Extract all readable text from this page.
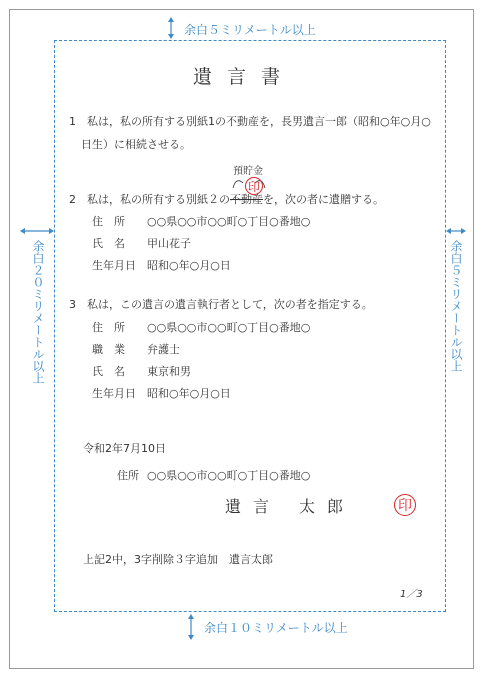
余白５ミリメートル以上
余白１０ミリメートル以上
余白２０ミリメートル以上	余白５ミリメートル以上
遺言書
1　私は，私の所有する別紙1の不動産を，長男遺言一郎（昭和○年○月○
日生）に相続させる。
預貯金
印
2　私は，私の所有する別紙２の不動産を，次の者に遺贈する。
住　所 ○○県○○市○○町○丁目○番地○
氏　名 甲山花子
生年月日 昭和○年○月○日
3　私は，この遺言の遺言執行者として，次の者を指定する。
住　所 ○○県○○市○○町○丁目○番地○
職　業 弁護士
氏　名 東京和男
生年月日 昭和○年○月○日
令和2年7月10日
住所 ○○県○○市○○町○丁目○番地○
遺 言 太 郎	印
上記2中，3字削除３字追加　遺言太郎
1／3
